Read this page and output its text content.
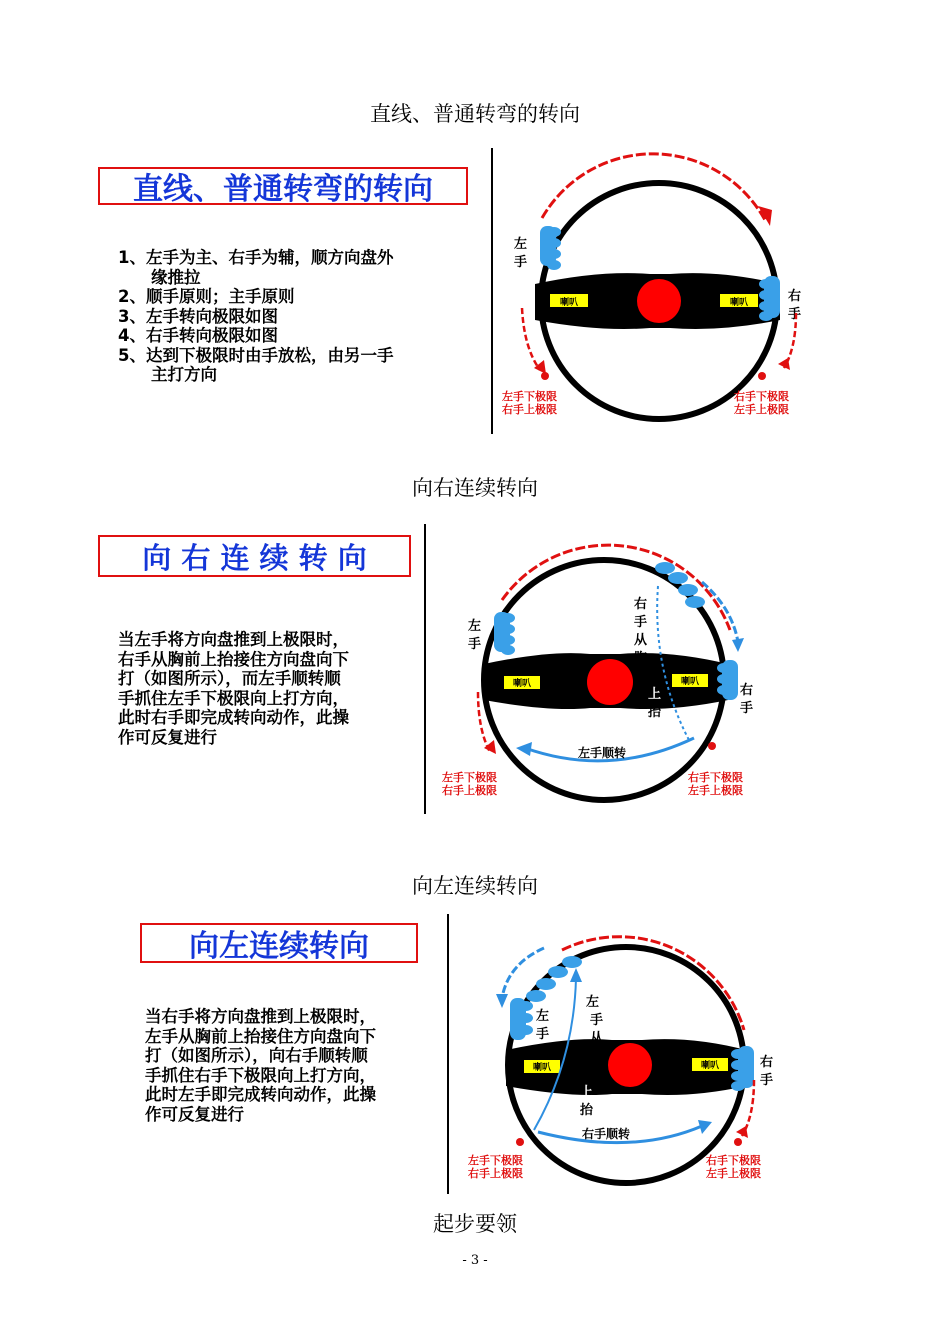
直线、普通转弯的转向
直线、普通转弯的转向
1、左手为主、右手为辅，顺方向盘外
缘推拉
2、顺手原则；主手原则
3、左手转向极限如图
4、右手转向极限如图
5、达到下极限时由手放松，由另一手
主打方向
喇叭	喇叭
左
手
右
手
左手下极限
右手上极限
右手下极限
左手上极限
向右连续转向
向 右 连 续 转 向
当左手将方向盘推到上极限时，
右手从胸前上抬接住方向盘向下
打（如图所示），而左手顺转顺
手抓住左手下极限向上打方向，
此时右手即完成转向动作，此操
作可反复进行
喇叭	喇叭
左
手
右
手
右
手
从
胸
前
上
抬
左手顺转
左手下极限
右手上极限
右手下极限
左手上极限
向左连续转向
向左连续转向
当右手将方向盘推到上极限时，
左手从胸前上抬接住方向盘向下
打（如图所示），向右手顺转顺
手抓住右手下极限向上打方向，
此时左手即完成转向动作，此操
作可反复进行
喇叭	喇叭
左
手
右
手
左
手
从
胸
前
上
抬
右手顺转
左手下极限
右手上极限
右手下极限
左手上极限
起步要领
- 3 -
